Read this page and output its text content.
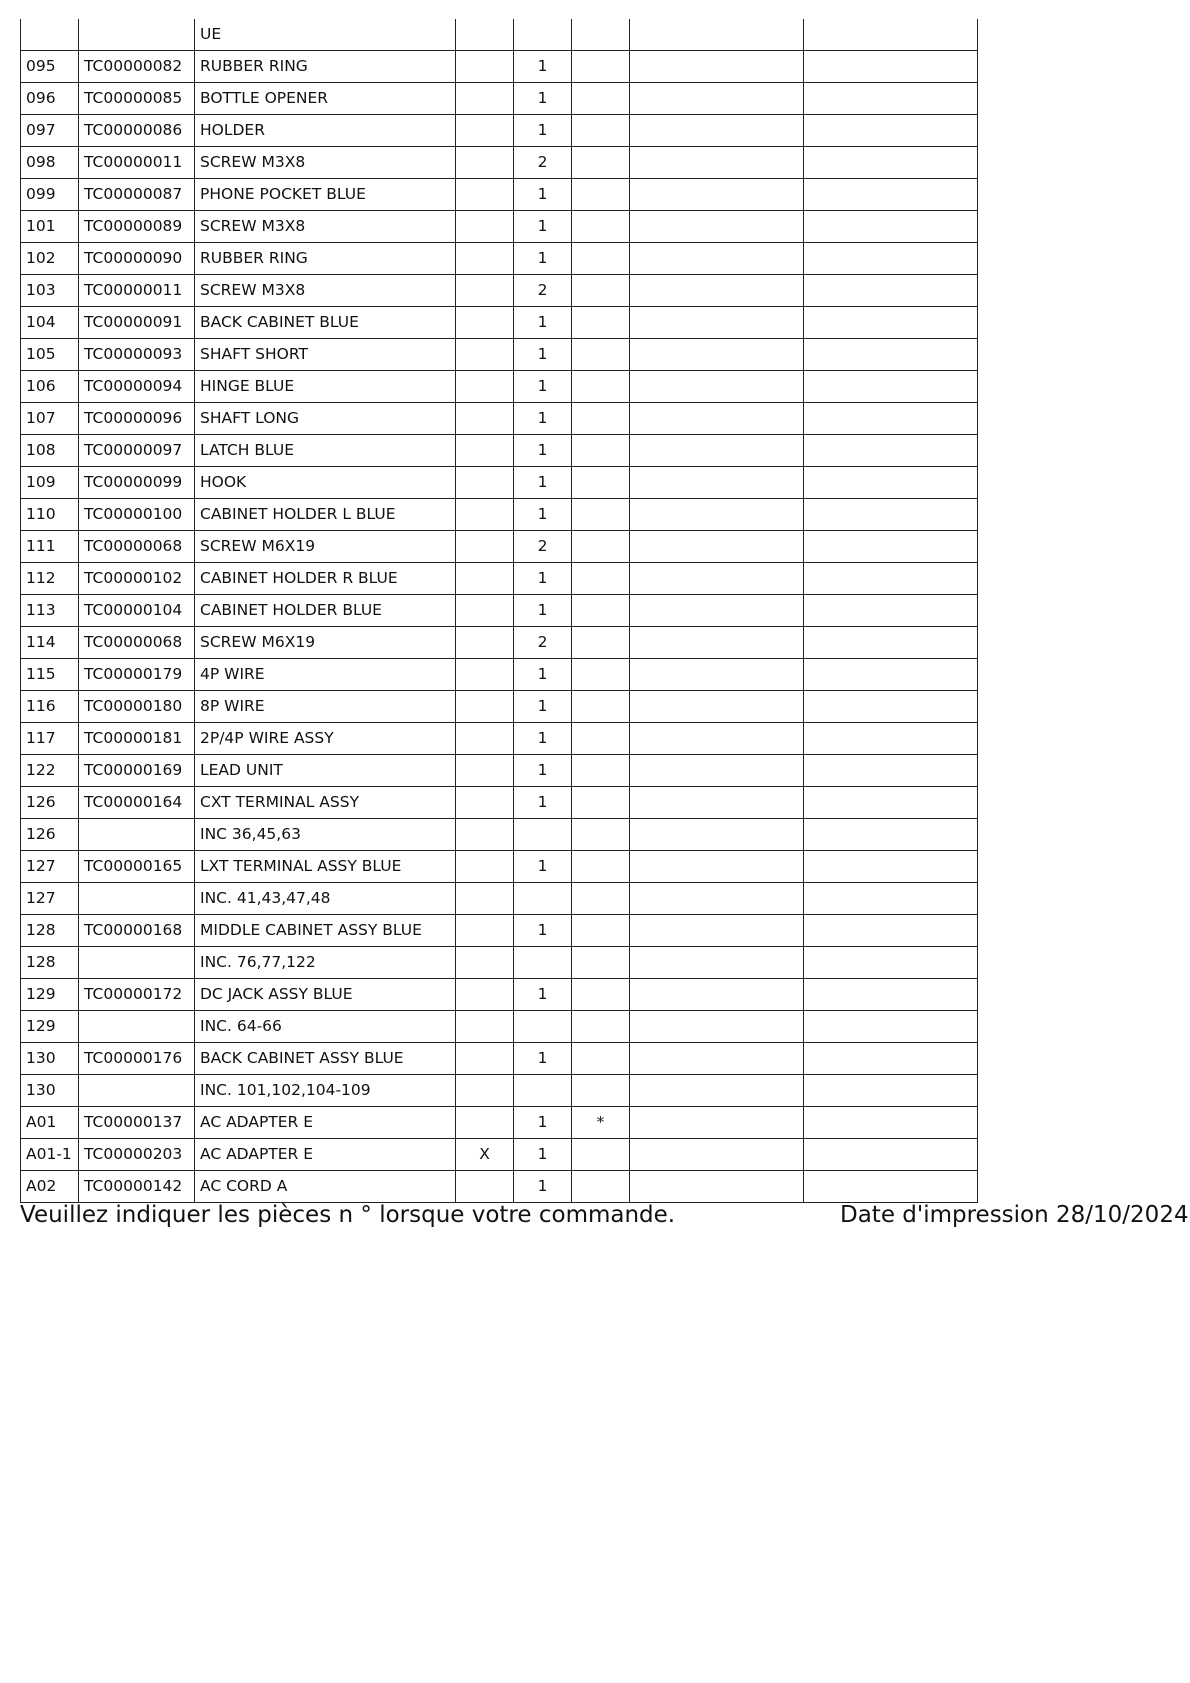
		UE					
095	TC00000082	RUBBER RING		1			
096	TC00000085	BOTTLE OPENER		1			
097	TC00000086	HOLDER		1			
098	TC00000011	SCREW M3X8		2			
099	TC00000087	PHONE POCKET BLUE		1			
101	TC00000089	SCREW M3X8		1			
102	TC00000090	RUBBER RING		1			
103	TC00000011	SCREW M3X8		2			
104	TC00000091	BACK CABINET BLUE		1			
105	TC00000093	SHAFT SHORT		1			
106	TC00000094	HINGE BLUE		1			
107	TC00000096	SHAFT LONG		1			
108	TC00000097	LATCH BLUE		1			
109	TC00000099	HOOK		1			
110	TC00000100	CABINET HOLDER L BLUE		1			
111	TC00000068	SCREW M6X19		2			
112	TC00000102	CABINET HOLDER R BLUE		1			
113	TC00000104	CABINET HOLDER BLUE		1			
114	TC00000068	SCREW M6X19		2			
115	TC00000179	4P WIRE		1			
116	TC00000180	8P WIRE		1			
117	TC00000181	2P/4P WIRE ASSY		1			
122	TC00000169	LEAD UNIT		1			
126	TC00000164	CXT TERMINAL ASSY		1			
126		INC 36,45,63					
127	TC00000165	LXT TERMINAL ASSY BLUE		1			
127		INC. 41,43,47,48					
128	TC00000168	MIDDLE CABINET ASSY BLUE		1			
128		INC. 76,77,122					
129	TC00000172	DC JACK ASSY BLUE		1			
129		INC. 64-66					
130	TC00000176	BACK CABINET ASSY BLUE		1			
130		INC. 101,102,104-109					
A01	TC00000137	AC ADAPTER E		1	*		
A01-1	TC00000203	AC ADAPTER E	X	1			
A02	TC00000142	AC CORD A		1			
Veuillez indiquer les pièces n ° lorsque votre commande.	Date d'impression 28/10/2024
